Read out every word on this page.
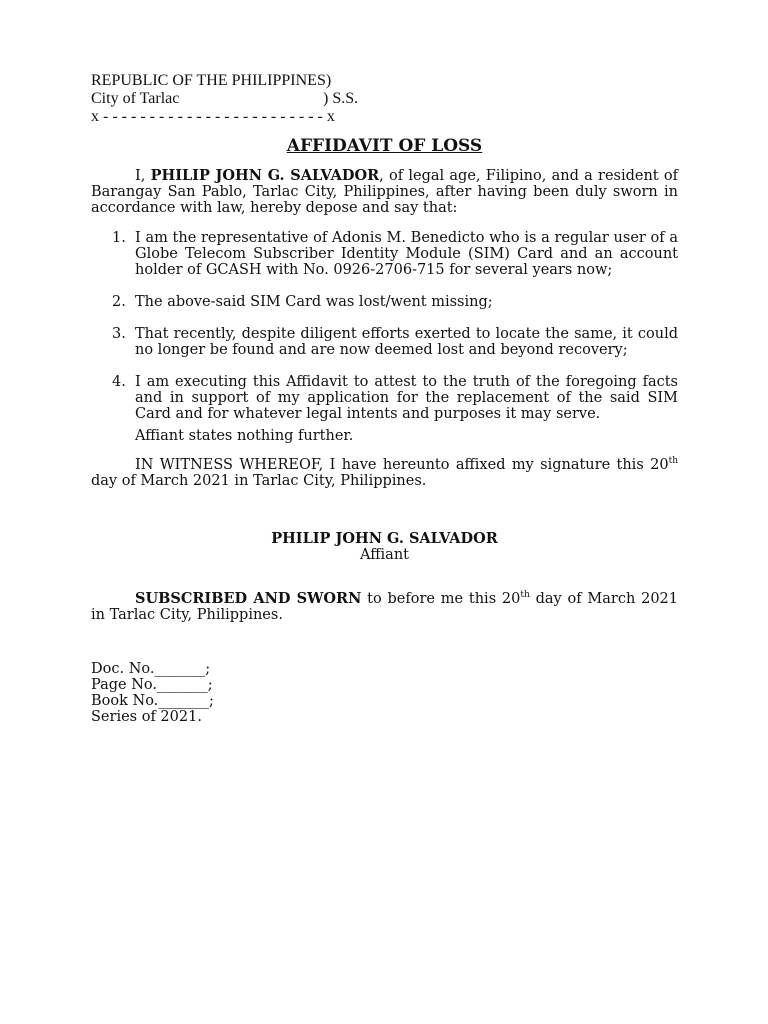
REPUBLIC OF THE PHILIPPINES)
City of Tarlac	) S.S.
x - - - - - - - - - - - - - - - - - - - - - - - - x
AFFIDAVIT OF LOSS
I, PHILIP JOHN G. SALVADOR, of legal age, Filipino, and a resident of Barangay San Pablo, Tarlac City, Philippines, after having been duly sworn in accordance with law, hereby depose and say that:
1. I am the representative of Adonis M. Benedicto who is a regular user of a Globe Telecom Subscriber Identity Module (SIM) Card and an account holder of GCASH with No. 0926-2706-715 for several years now;
2. The above-said SIM Card was lost/went missing;
3. That recently, despite diligent efforts exerted to locate the same, it could no longer be found and are now deemed lost and beyond recovery;
4. I am executing this Affidavit to attest to the truth of the foregoing facts and in support of my application for the replacement of the said SIM Card and for whatever legal intents and purposes it may serve.
Affiant states nothing further.
IN WITNESS WHEREOF, I have hereunto affixed my signature this 20th day of March 2021 in Tarlac City, Philippines.
PHILIP JOHN G. SALVADOR
Affiant
SUBSCRIBED AND SWORN to before me this 20th day of March 2021 in Tarlac City, Philippines.
Doc. No._______;
Page No._______;
Book No._______;
Series of 2021.
